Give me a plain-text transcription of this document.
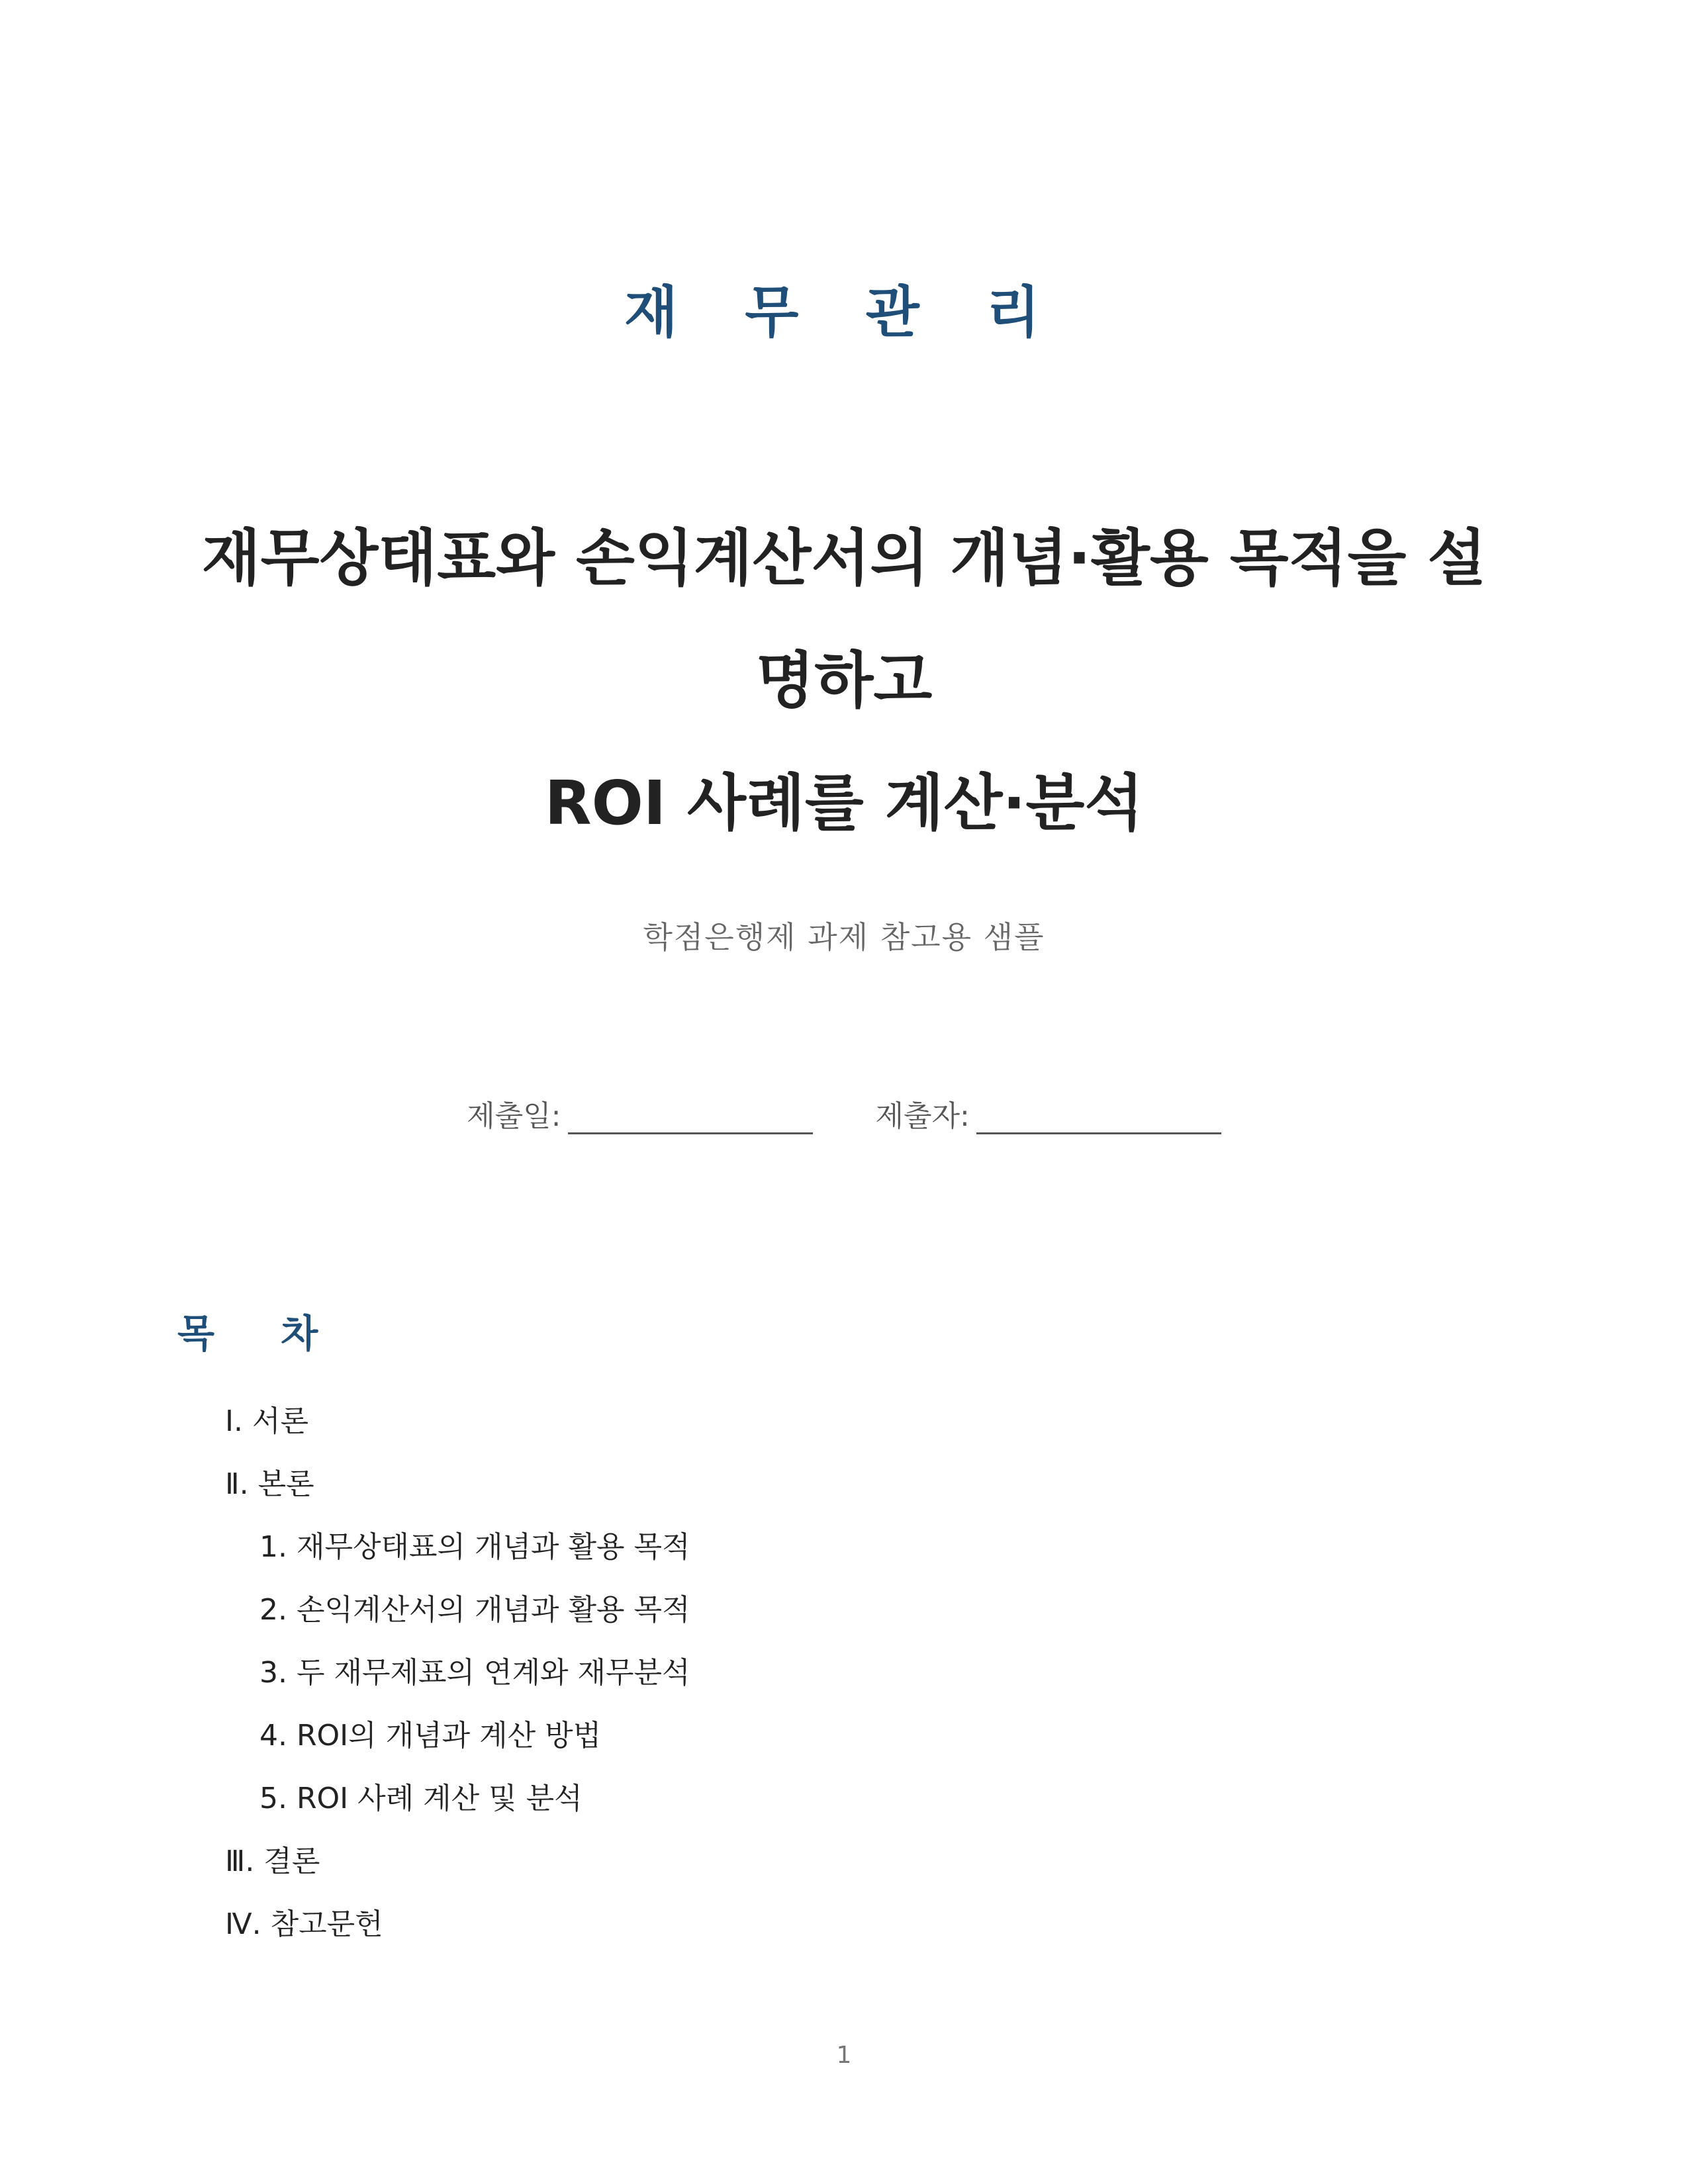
재 무 관 리
재무상태표와 손익계산서의 개념·활용 목적을 설
명하고
ROI 사례를 계산·분석
학점은행제 과제 참고용 샘플
제출일:	제출자:
목 차
Ⅰ. 서론
Ⅱ. 본론
1. 재무상태표의 개념과 활용 목적
2. 손익계산서의 개념과 활용 목적
3. 두 재무제표의 연계와 재무분석
4. ROI의 개념과 계산 방법
5. ROI 사례 계산 및 분석
Ⅲ. 결론
Ⅳ. 참고문헌
1
